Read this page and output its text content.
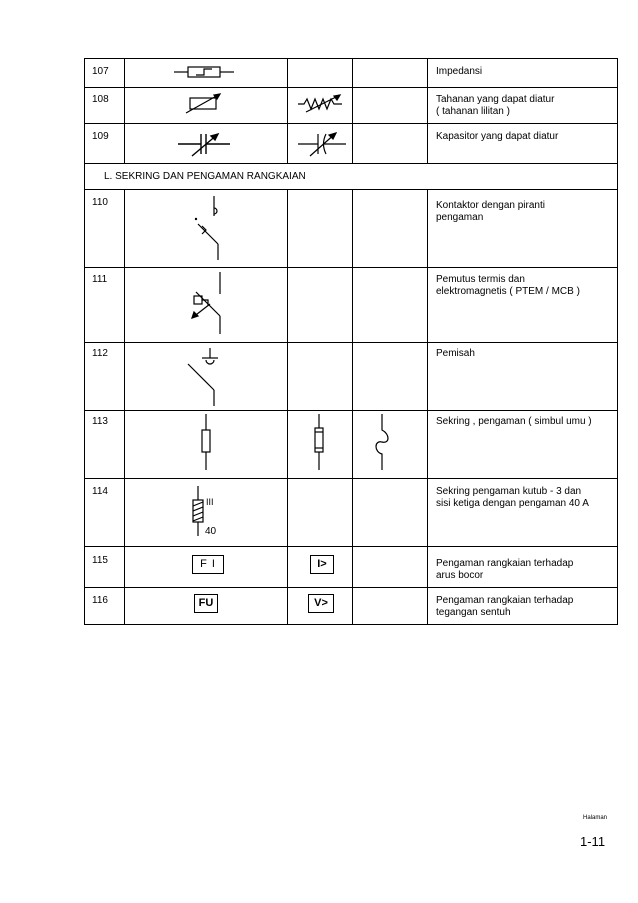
107
108
109
L. SEKRING DAN PENGAMAN RANGKAIAN
110
111
112
113
114
115
116
Impedansi
Tahanan yang dapat diatur
( tahanan lilitan )
Kapasitor yang dapat diatur
Kontaktor dengan piranti
pengaman
Pemutus termis dan
elektromagnetis ( PTEM / MCB )
Pemisah
Sekring , pengaman ( simbul umu )
Sekring pengaman kutub - 3 dan
sisi ketiga dengan pengaman 40 A
Pengaman rangkaian terhadap
arus bocor
Pengaman rangkaian terhadap
tegangan sentuh
III
40
F I	I>
FU	V>
Halaman
1-11
